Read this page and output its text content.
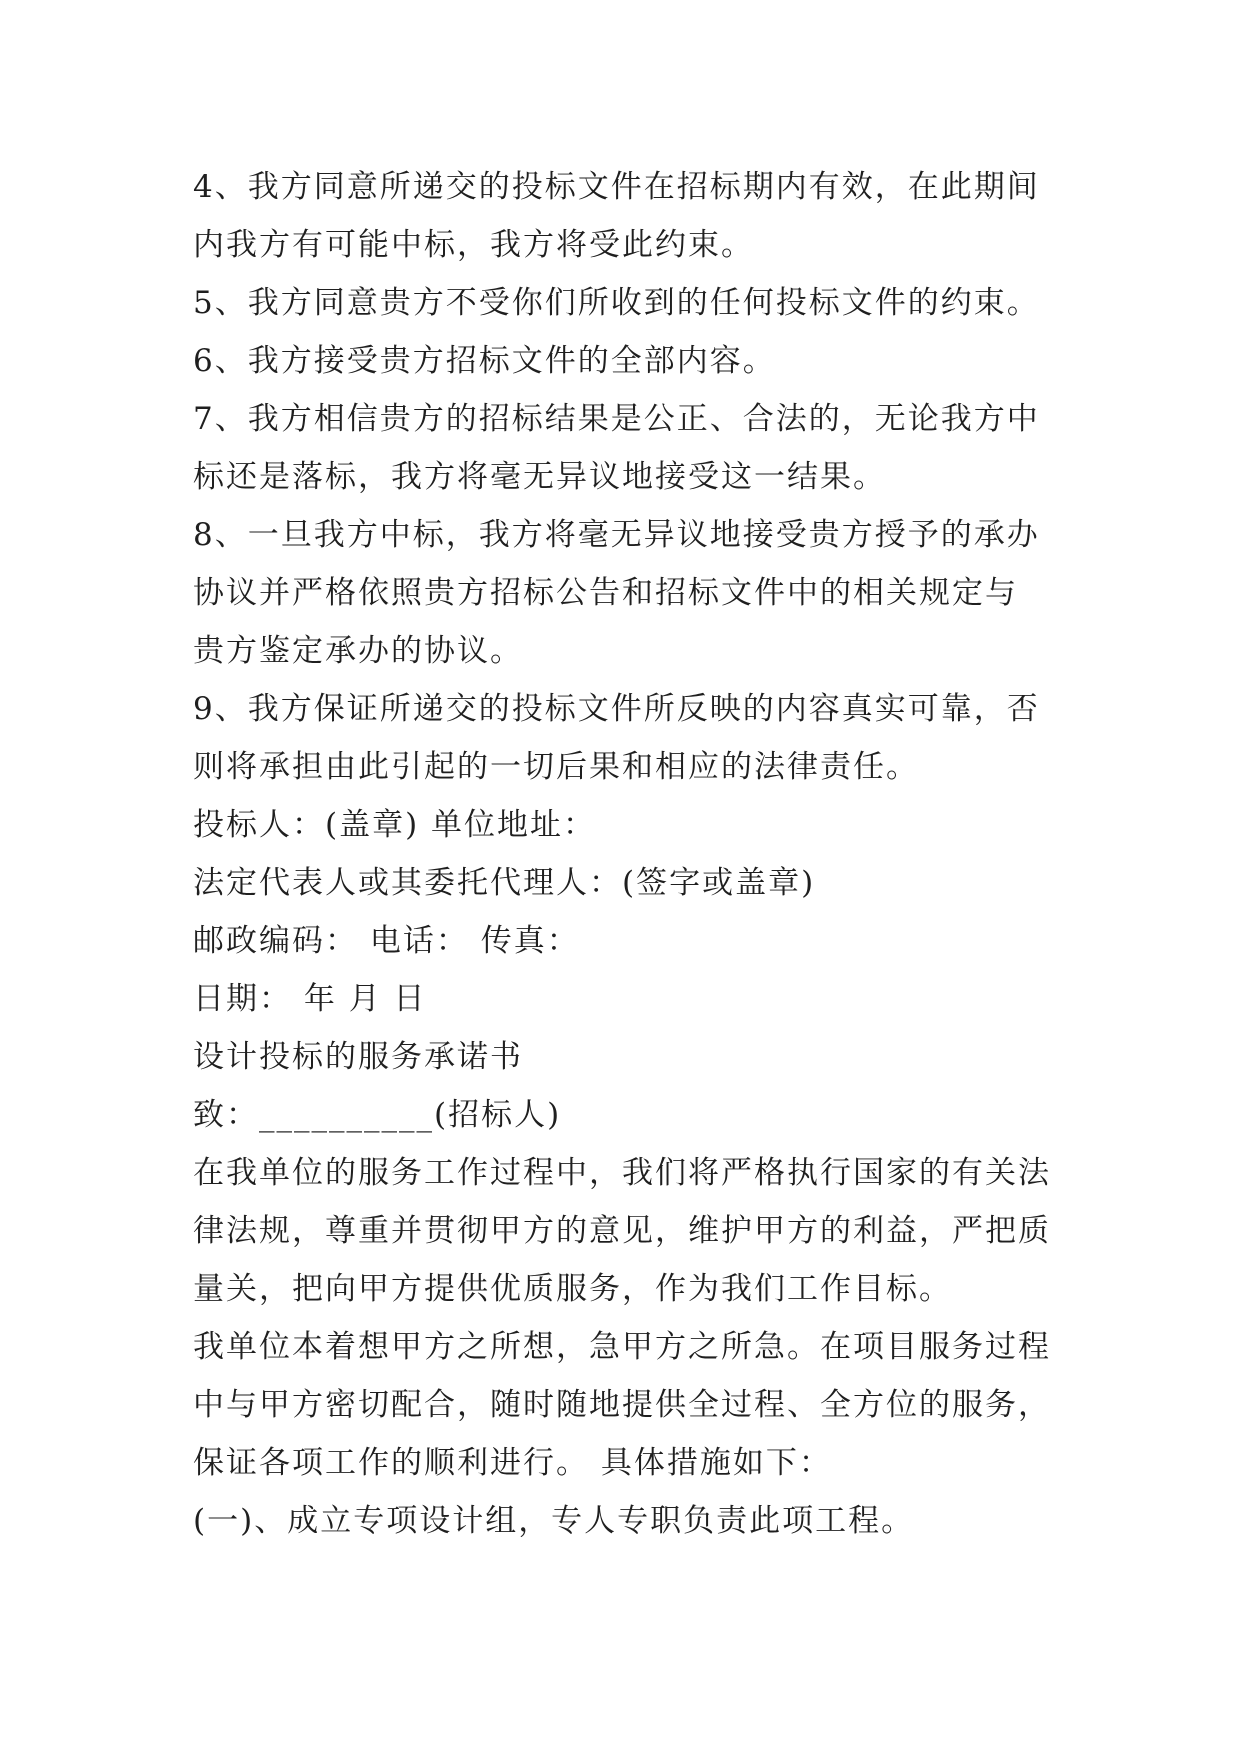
4、我方同意所递交的投标文件在招标期内有效，在此期间
内我方有可能中标，我方将受此约束。
5、我方同意贵方不受你们所收到的任何投标文件的约束。
6、我方接受贵方招标文件的全部内容。
7、我方相信贵方的招标结果是公正、合法的，无论我方中
标还是落标，我方将毫无异议地接受这一结果。
8、一旦我方中标，我方将毫无异议地接受贵方授予的承办
协议并严格依照贵方招标公告和招标文件中的相关规定与
贵方鉴定承办的协议。
9、我方保证所递交的投标文件所反映的内容真实可靠，否
则将承担由此引起的一切后果和相应的法律责任。
投标人：(盖章) 单位地址：
法定代表人或其委托代理人：(签字或盖章)
邮政编码： 电话： 传真：
日期： 年 月 日
设计投标的服务承诺书
致：__________(招标人)
在我单位的服务工作过程中，我们将严格执行国家的有关法
律法规，尊重并贯彻甲方的意见，维护甲方的利益，严把质
量关，把向甲方提供优质服务，作为我们工作目标。
我单位本着想甲方之所想，急甲方之所急。在项目服务过程
中与甲方密切配合，随时随地提供全过程、全方位的服务，
保证各项工作的顺利进行。 具体措施如下：
(一)、成立专项设计组，专人专职负责此项工程。
